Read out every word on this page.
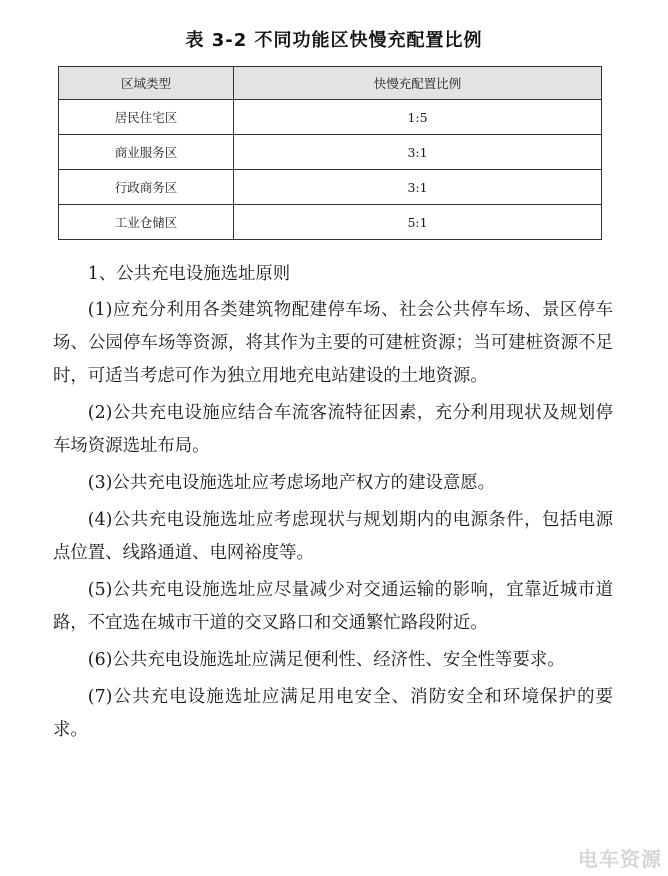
表 3-2 不同功能区快慢充配置比例
区域类型	快慢充配置比例
居民住宅区	1:5
商业服务区	3:1
行政商务区	3:1
工业仓储区	5:1

1、公共充电设施选址原则

(1)应充分利用各类建筑物配建停车场、社会公共停车场、景区停车场、公园停车场等资源，将其作为主要的可建桩资源；当可建桩资源不足时，可适当考虑可作为独立用地充电站建设的土地资源。

(2)公共充电设施应结合车流客流特征因素，充分利用现状及规划停车场资源选址布局。

(3)公共充电设施选址应考虑场地产权方的建设意愿。

(4)公共充电设施选址应考虑现状与规划期内的电源条件，包括电源点位置、线路通道、电网裕度等。

(5)公共充电设施选址应尽量减少对交通运输的影响，宜靠近城市道路，不宜选在城市干道的交叉路口和交通繁忙路段附近。

(6)公共充电设施选址应满足便利性、经济性、安全性等要求。

(7)公共充电设施选址应满足用电安全、消防安全和环境保护的要求。

电车资源
